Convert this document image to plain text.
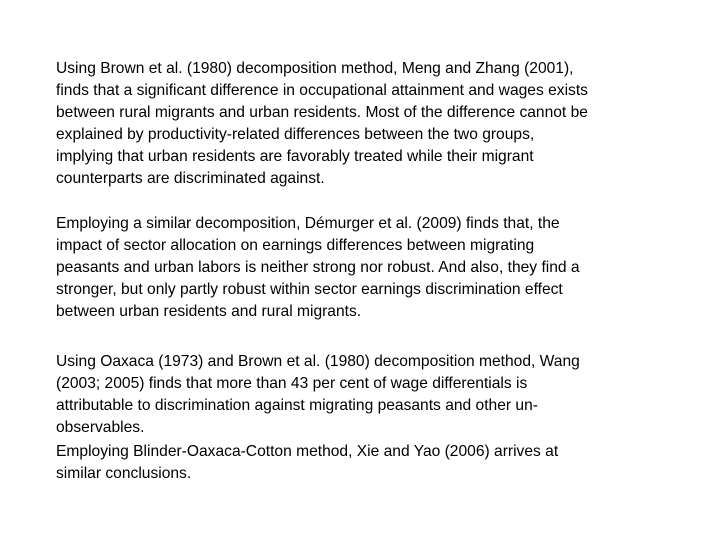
Using Brown et al. (1980) decomposition method, Meng and Zhang (2001),
finds that a significant difference in occupational attainment and wages exists
between rural migrants and urban residents. Most of the difference cannot be
explained by productivity-related differences between the two groups,
implying that urban residents are favorably treated while their migrant
counterparts are discriminated against.

Employing a similar decomposition, Démurger et al. (2009) finds that, the
impact of sector allocation on earnings differences between migrating
peasants and urban labors is neither strong nor robust. And also, they find a
stronger, but only partly robust within sector earnings discrimination effect
between urban residents and rural migrants.

Using Oaxaca (1973) and Brown et al. (1980) decomposition method, Wang
(2003; 2005) finds that more than 43 per cent of wage differentials is
attributable to discrimination against migrating peasants and other un-
observables.

Employing Blinder-Oaxaca-Cotton method, Xie and Yao (2006) arrives at
similar conclusions.
